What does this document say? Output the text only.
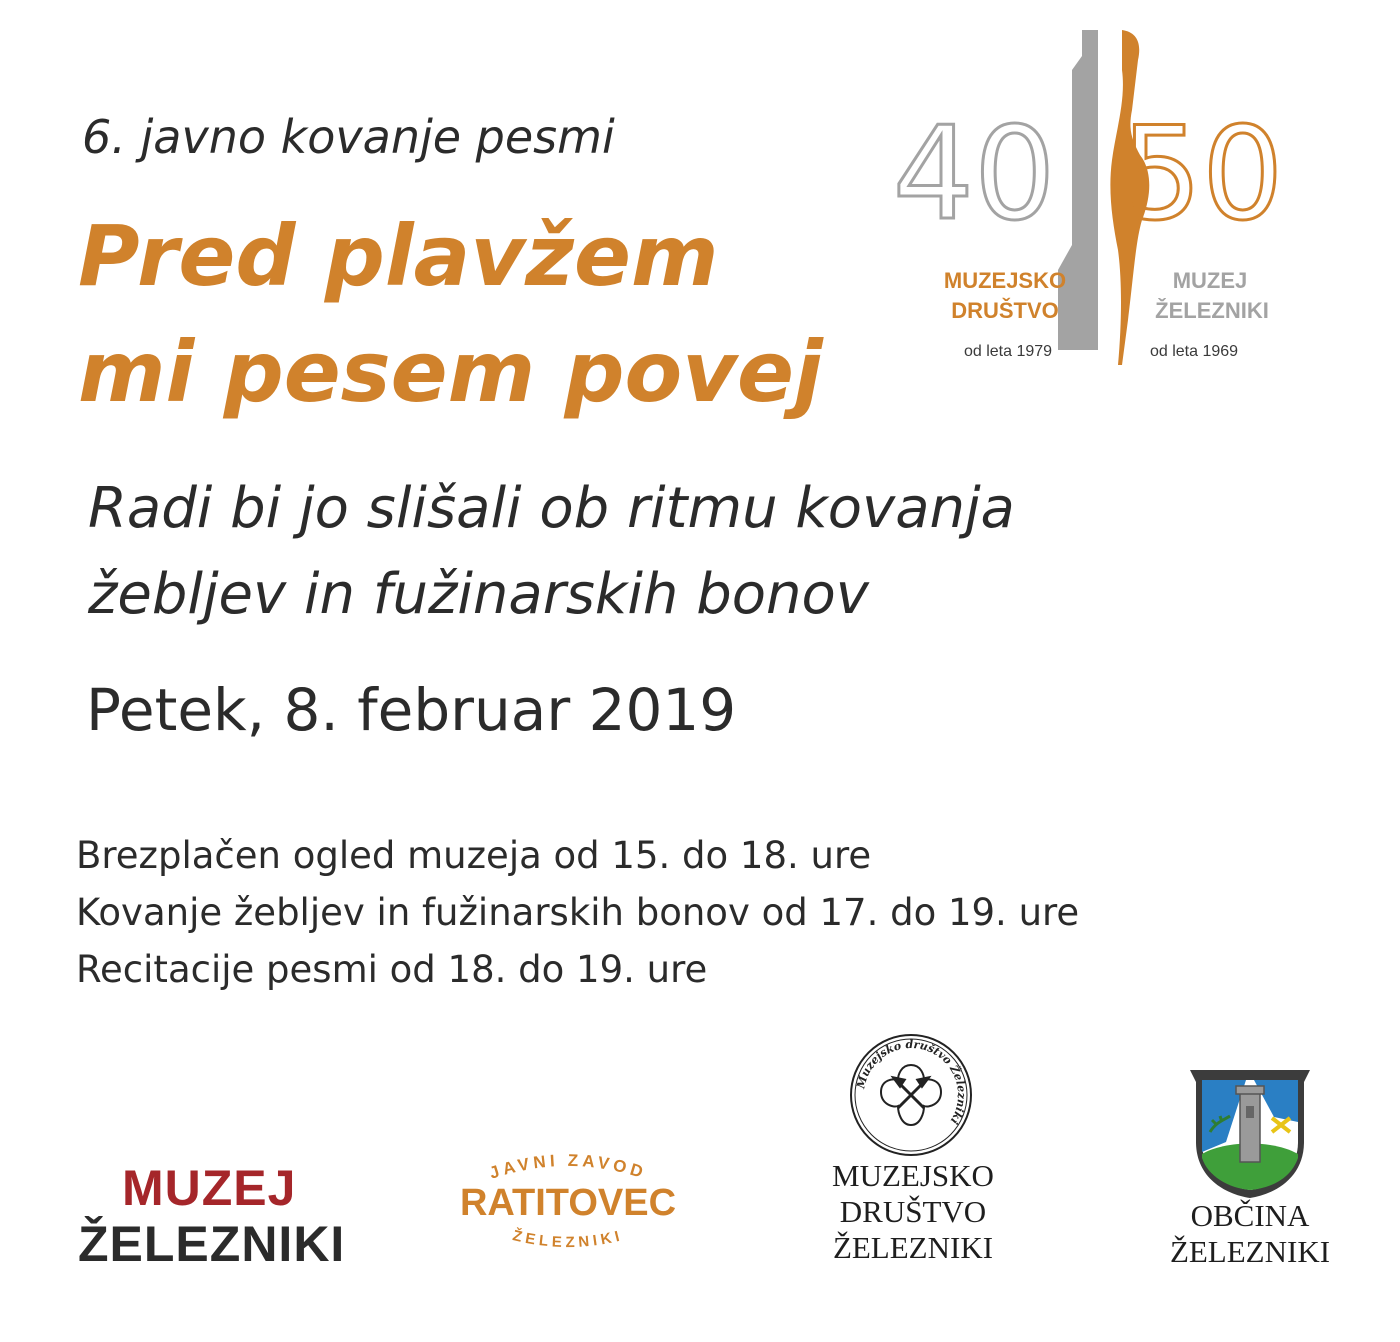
6. javno kovanje pesmi
Pred plavžem
mi pesem povej
Radi bi jo slišali ob ritmu kovanja
žebljev in fužinarskih bonov
Petek, 8. februar 2019
Brezplačen ogled muzeja od 15. do 18. ure
Kovanje žebljev in fužinarskih bonov od 17. do 19. ure
Recitacije pesmi od 18. do 19. ure
40 50
MUZEJSKO
DRUŠTVO
od leta 1979
MUZEJ
ŽELEZNIKI
od leta 1969
MUZEJ
ŽELEZNIKI
JAVNI ZAVOD
RATITOVEC
ŽELEZNIKI
Muzejsko društvo Železniki
MUZEJSKO
DRUŠTVO
ŽELEZNIKI
OBČINA
ŽELEZNIKI
